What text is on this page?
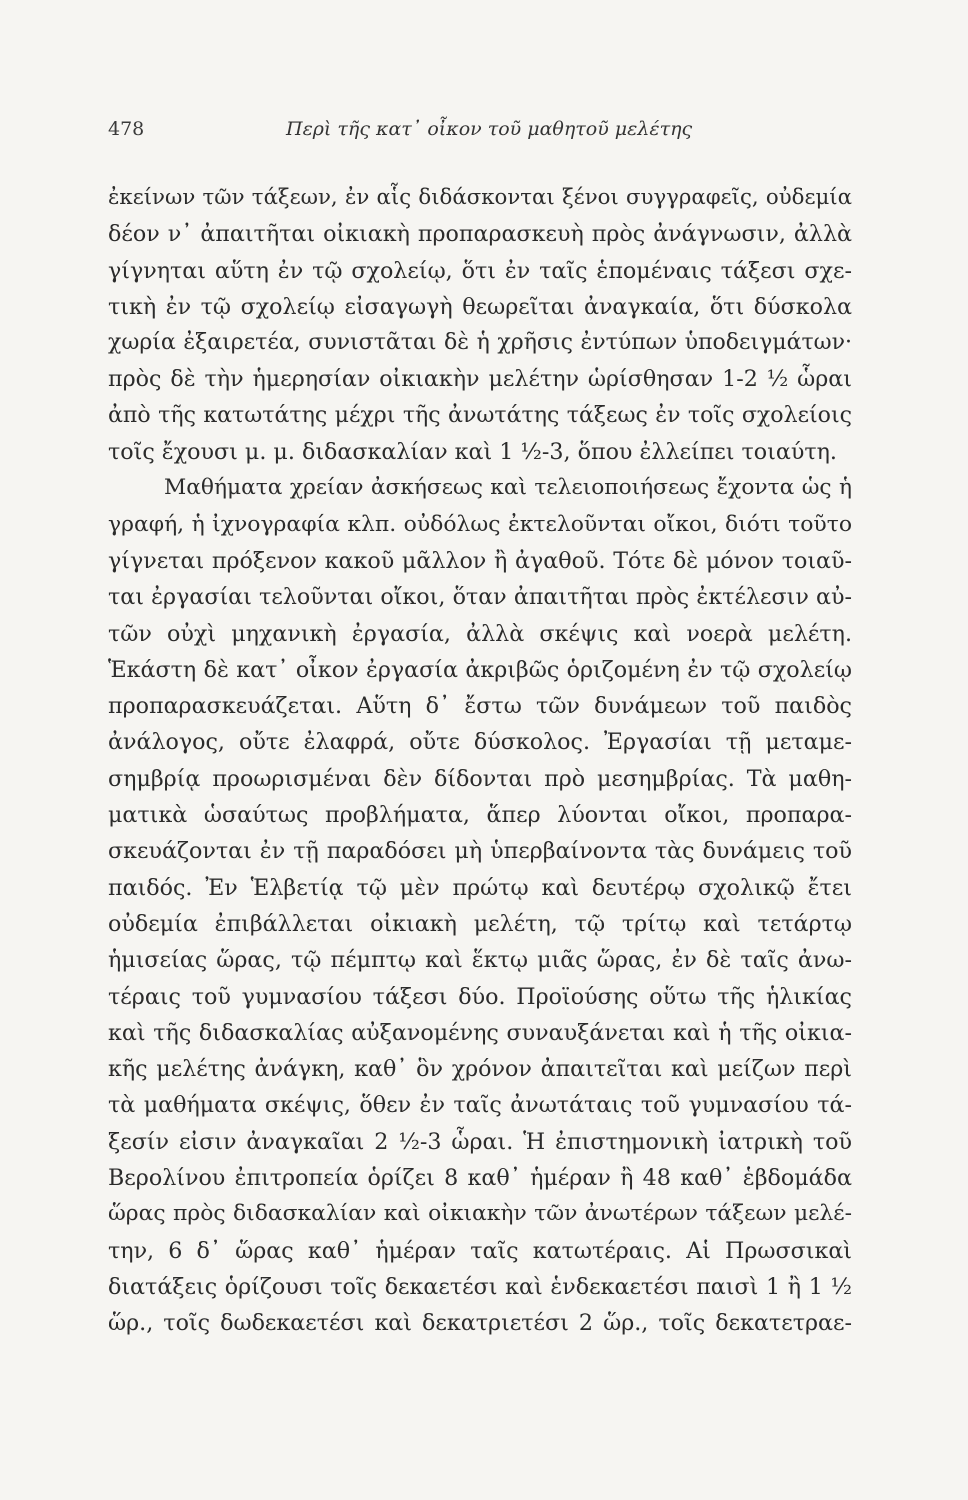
478	Περὶ τῆς κατ᾽ οἶκον τοῦ μαθητοῦ μελέτης
ἐκείνων τῶν τάξεων, ἐν αἷς διδάσκονται ξένοι συγγραφεῖς, οὐδεμία
δέον ν᾽ ἀπαιτῆται οἰκιακὴ προπαρασκευὴ πρὸς ἀνάγνωσιν, ἀλλὰ
γίγνηται αὕτη ἐν τῷ σχολείῳ, ὅτι ἐν ταῖς ἑπομέναις τάξεσι σχε-
τικὴ ἐν τῷ σχολείῳ εἰσαγωγὴ θεωρεῖται ἀναγκαία, ὅτι δύσκολα
χωρία ἐξαιρετέα, συνιστᾶται δὲ ἡ χρῆσις ἐντύπων ὑποδειγμάτων·
πρὸς δὲ τὴν ἡμερησίαν οἰκιακὴν μελέτην ὡρίσθησαν 1-2 ½ ὧραι
ἀπὸ τῆς κατωτάτης μέχρι τῆς ἀνωτάτης τάξεως ἐν τοῖς σχολείοις
τοῖς ἔχουσι μ. μ. διδασκαλίαν καὶ 1 ½-3, ὅπου ἐλλείπει τοιαύτη.
Μαθήματα χρείαν ἀσκήσεως καὶ τελειοποιήσεως ἔχοντα ὡς ἡ
γραφή, ἡ ἰχνογραφία κλπ. οὐδόλως ἐκτελοῦνται οἴκοι, διότι τοῦτο
γίγνεται πρόξενον κακοῦ μᾶλλον ἢ ἀγαθοῦ. Τότε δὲ μόνον τοιαῦ-
ται ἐργασίαι τελοῦνται οἴκοι, ὅταν ἀπαιτῆται πρὸς ἐκτέλεσιν αὐ-
τῶν οὐχὶ μηχανικὴ ἐργασία, ἀλλὰ σκέψις καὶ νοερὰ μελέτη.
Ἑκάστη δὲ κατ᾽ οἶκον ἐργασία ἀκριβῶς ὁριζομένη ἐν τῷ σχολείῳ
προπαρασκευάζεται. Αὕτη δ᾽ ἔστω τῶν δυνάμεων τοῦ παιδὸς
ἀνάλογος, οὔτε ἐλαφρά, οὔτε δύσκολος. Ἐργασίαι τῇ μεταμε-
σημβρίᾳ προωρισμέναι δὲν δίδονται πρὸ μεσημβρίας. Τὰ μαθη-
ματικὰ ὡσαύτως προβλήματα, ἅπερ λύονται οἴκοι, προπαρα-
σκευάζονται ἐν τῇ παραδόσει μὴ ὑπερβαίνοντα τὰς δυνάμεις τοῦ
παιδός. Ἐν Ἑλβετίᾳ τῷ μὲν πρώτῳ καὶ δευτέρῳ σχολικῷ ἔτει
οὐδεμία ἐπιβάλλεται οἰκιακὴ μελέτη, τῷ τρίτῳ καὶ τετάρτῳ
ἡμισείας ὥρας, τῷ πέμπτῳ καὶ ἕκτῳ μιᾶς ὥρας, ἐν δὲ ταῖς ἀνω-
τέραις τοῦ γυμνασίου τάξεσι δύο. Προϊούσης οὕτω τῆς ἡλικίας
καὶ τῆς διδασκαλίας αὐξανομένης συναυξάνεται καὶ ἡ τῆς οἰκια-
κῆς μελέτης ἀνάγκη, καθ᾽ ὃν χρόνον ἀπαιτεῖται καὶ μείζων περὶ
τὰ μαθήματα σκέψις, ὅθεν ἐν ταῖς ἀνωτάταις τοῦ γυμνασίου τά-
ξεσίν εἰσιν ἀναγκαῖαι 2 ½-3 ὧραι. Ἡ ἐπιστημονικὴ ἰατρικὴ τοῦ
Βερολίνου ἐπιτροπεία ὁρίζει 8 καθ᾽ ἡμέραν ἢ 48 καθ᾽ ἑβδομάδα
ὥρας πρὸς διδασκαλίαν καὶ οἰκιακὴν τῶν ἀνωτέρων τάξεων μελέ-
την, 6 δ᾽ ὥρας καθ᾽ ἡμέραν ταῖς κατωτέραις. Αἱ Πρωσσικαὶ
διατάξεις ὁρίζουσι τοῖς δεκαετέσι καὶ ἑνδεκαετέσι παισὶ 1 ἢ 1 ½
ὥρ., τοῖς δωδεκαετέσι καὶ δεκατριετέσι 2 ὥρ., τοῖς δεκατετραε-
